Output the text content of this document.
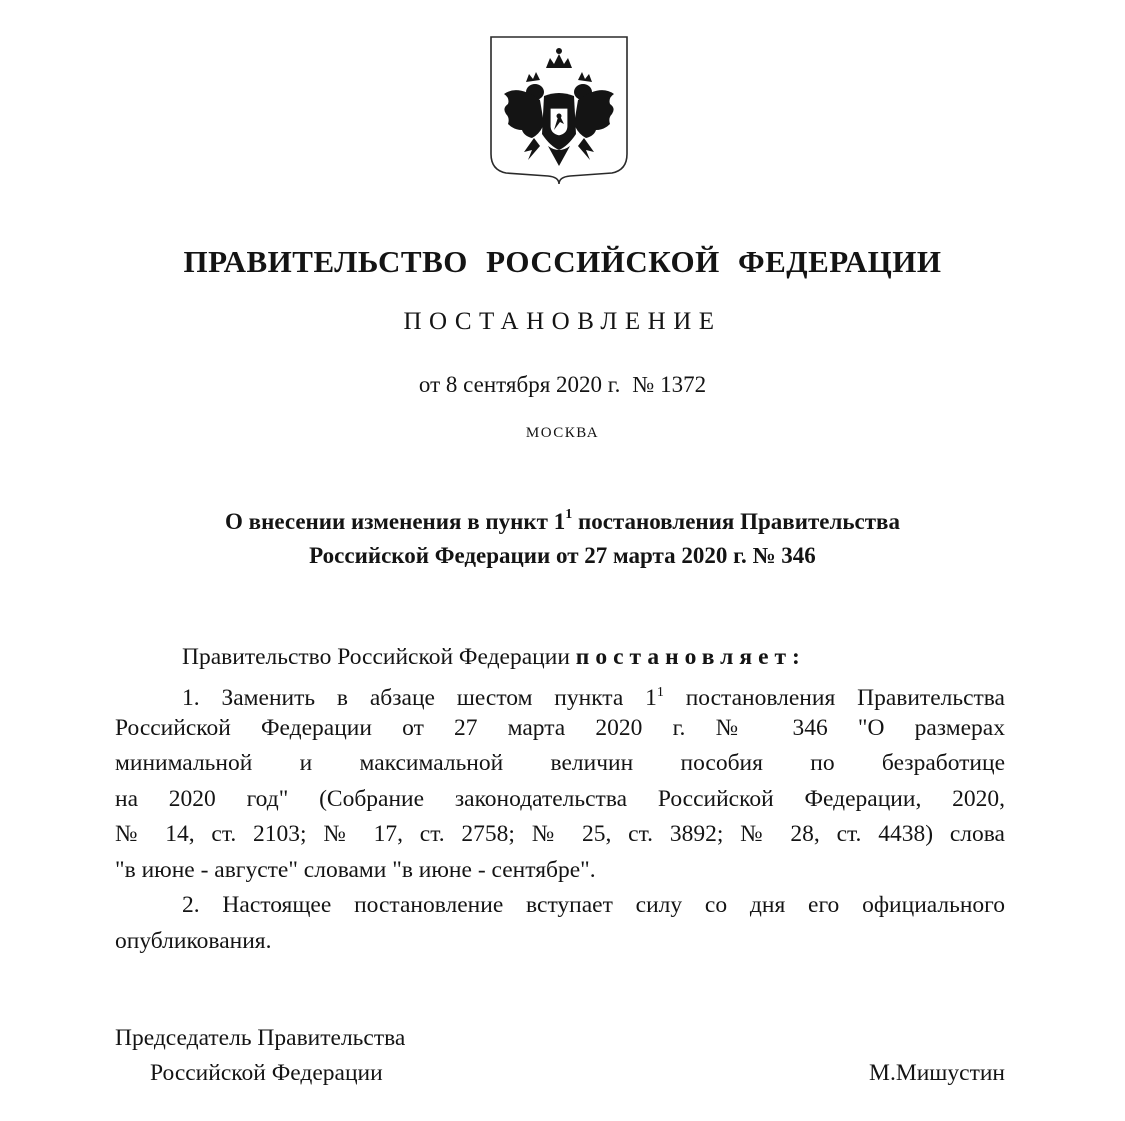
ПРАВИТЕЛЬСТВО РОССИЙСКОЙ ФЕДЕРАЦИИ
ПОСТАНОВЛЕНИЕ
от 8 сентября 2020 г. № 1372
МОСКВА
О внесении изменения в пункт $1^1$ постановления Правительства
Российской Федерации от 27 марта 2020 г. № 346
Правительство Российской Федерации постановляет:
1. Заменить в абзаце шестом пункта $1^1$ постановления Правительства
Российской Федерации от 27 марта 2020 г. № 346 "О размерах
минимальной и максимальной величин пособия по безработице
на 2020 год" (Собрание законодательства Российской Федерации, 2020,
№ 14, ст. 2103; № 17, ст. 2758; № 25, ст. 3892; № 28, ст. 4438) слова
"в июне - августе" словами "в июне - сентябре".
2. Настоящее постановление вступает силу со дня его официального
опубликования.
Председатель Правительства
Российской Федерации	М.Мишустин
